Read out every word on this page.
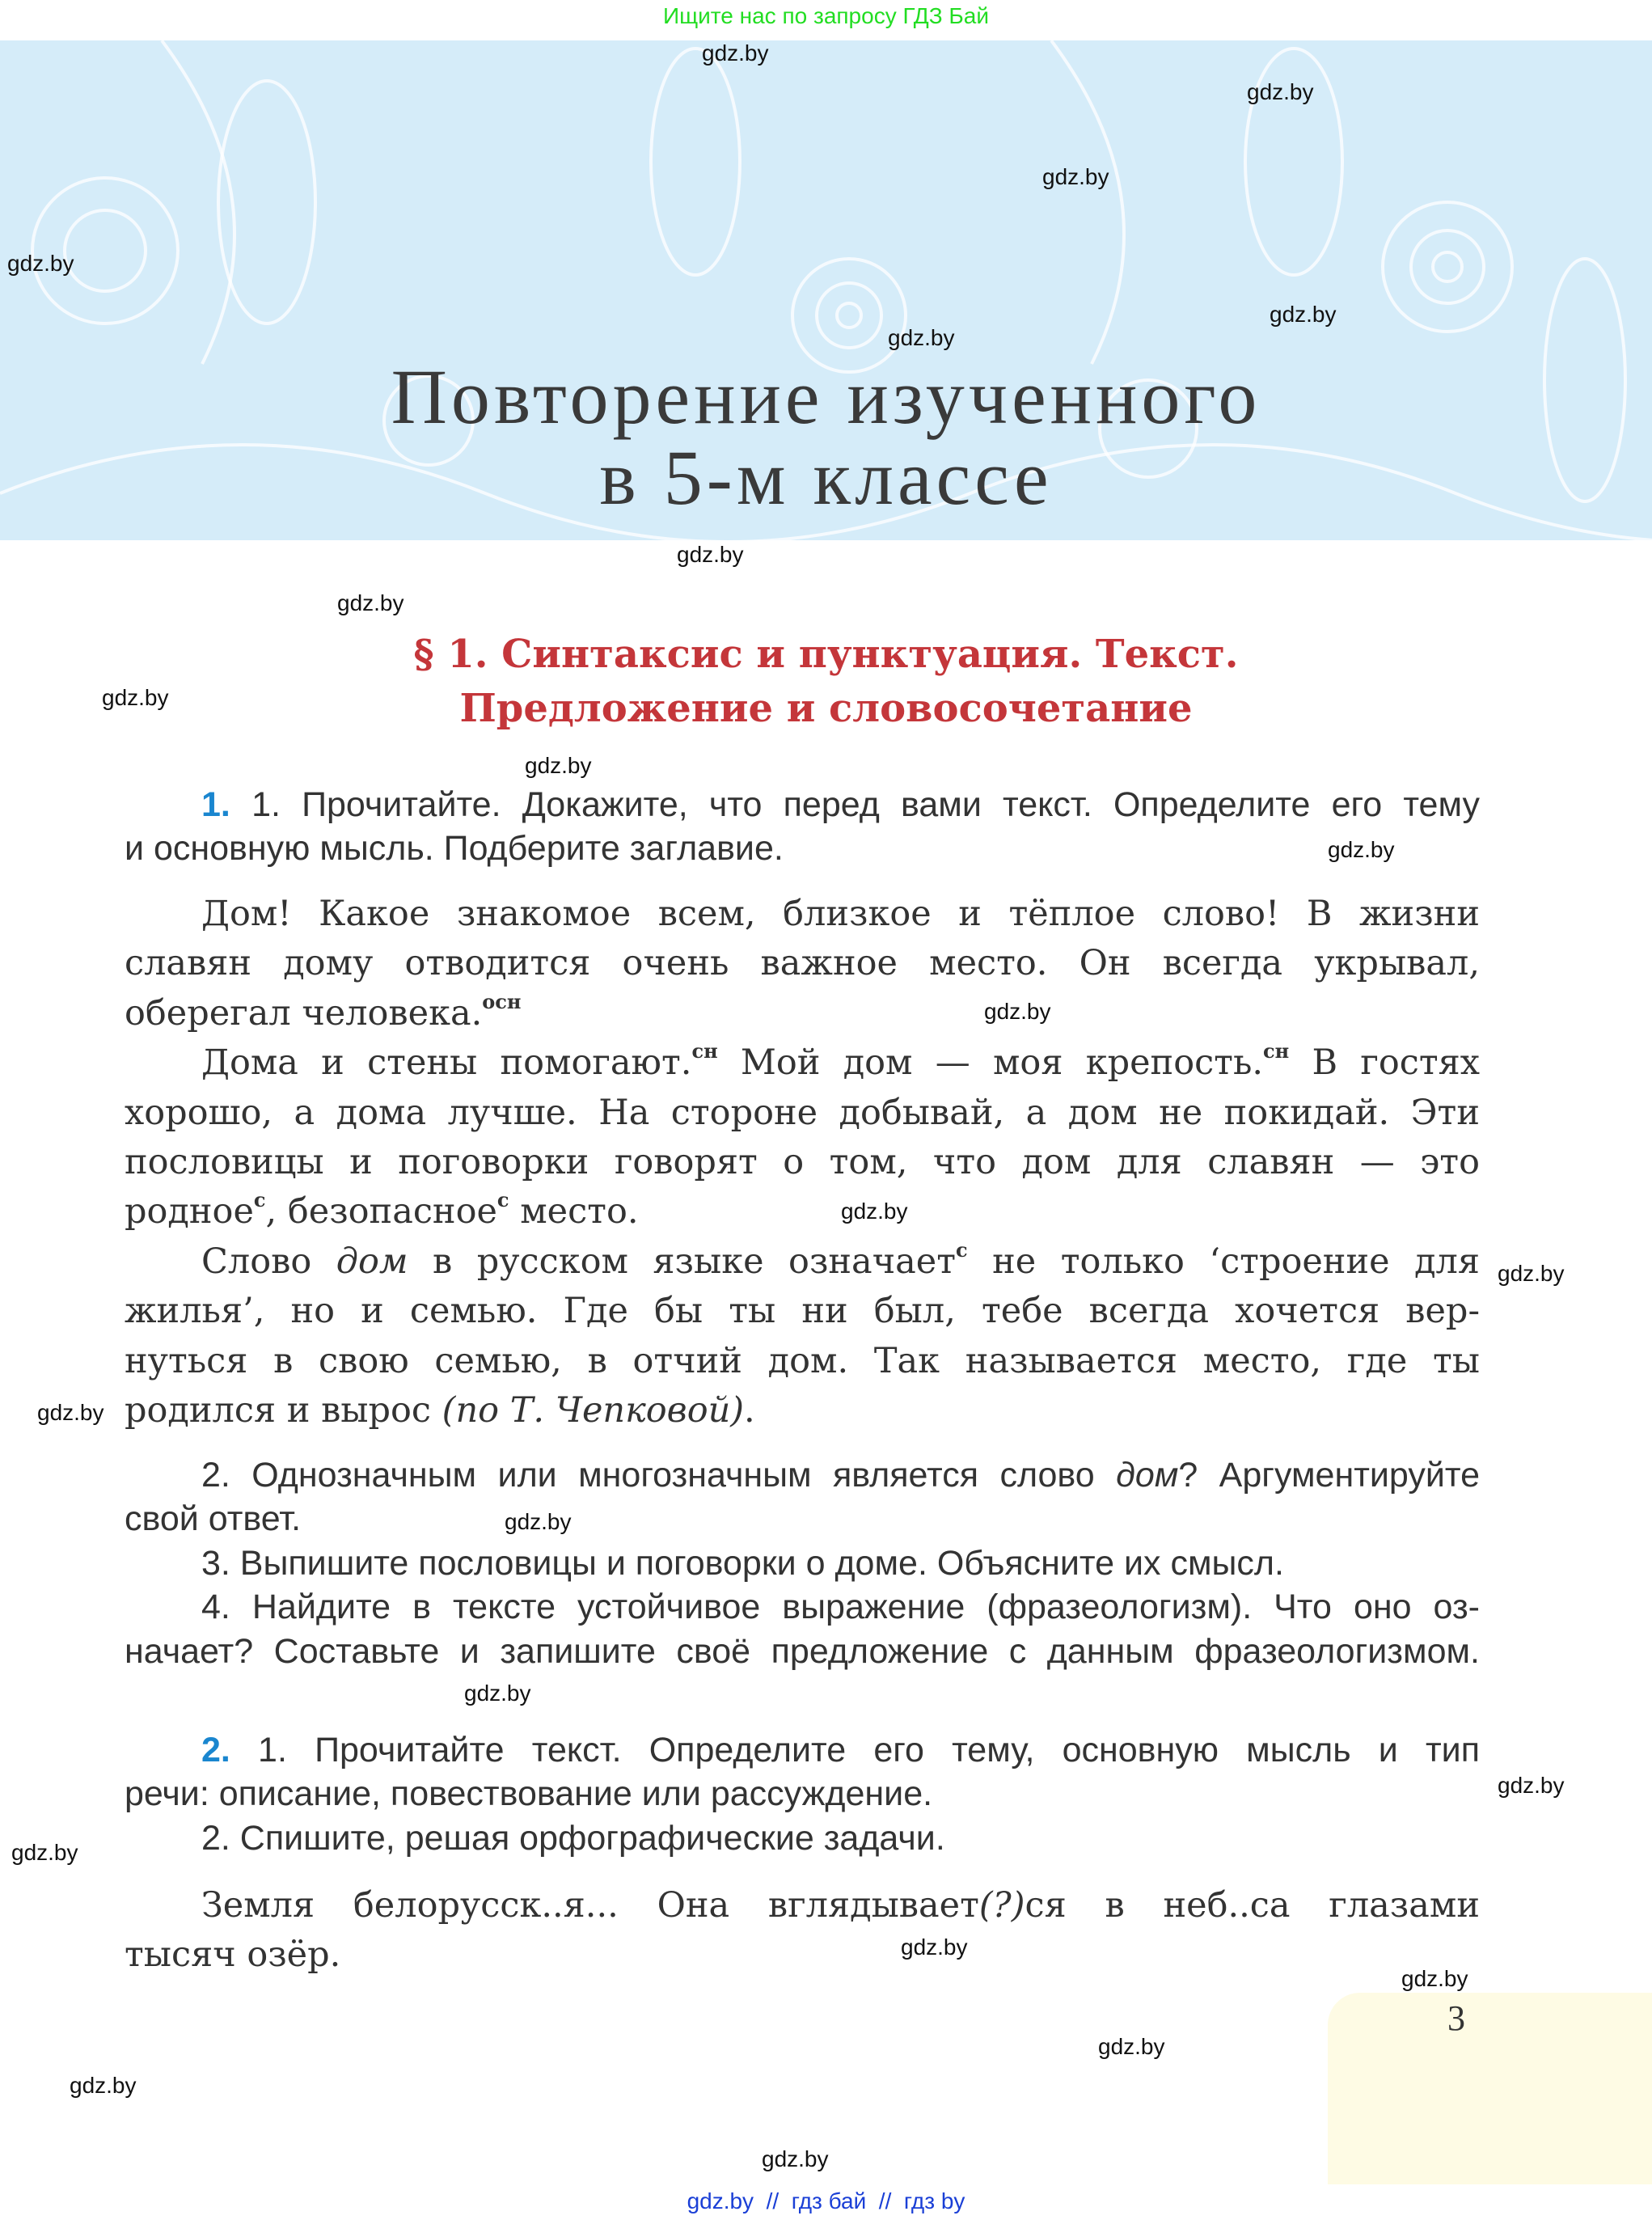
Ищите нас по запросу ГДЗ Бай
Повторение изученного
в 5-м классе
§ 1. Синтаксис и пунктуация. Текст.
Предложение и словосочетание
1. 1. Прочитайте. Докажите, что перед вами текст. Определите его тему
и основную мысль. Подберите заглавие.
Дом! Какое знакомое всем, близкое и тёплое слово! В жизни
славян дому отводится очень важное место. Он всегда укрывал,
оберегал человека.$^{осн}$
Дома и стены помогают.$^{сн}$ Мой дом — моя крепость.$^{сн}$ В гостях
хорошо, а дома лучше. На стороне добывай, а дом не покидай. Эти
пословицы и поговорки говорят о том, что дом для славян — это
родное$^с$, безопасное$^с$ место.
Слово дом в русском языке означает$^с$ не только ‘строение для
жилья’, но и семью. Где бы ты ни был, тебе всегда хочется вер-
нуться в свою семью, в отчий дом. Так называется место, где ты
родился и вырос (по Т. Чепковой).
2. Однозначным или многозначным является слово дом? Аргументируйте
свой ответ.
3. Выпишите пословицы и поговорки о доме. Объясните их смысл.
4. Найдите в тексте устойчивое выражение (фразеологизм). Что оно оз-
начает? Составьте и запишите своё предложение с данным фразеологизмом.
2. 1. Прочитайте текст. Определите его тему, основную мысль и тип
речи: описание, повествование или рассуждение.
2. Спишите, решая орфографические задачи.
Земля белорусск..я... Она вглядывает(?)ся в неб..са глазами
тысяч озёр.
3
gdz.by  //  гдз бай  //  гдз by
gdz.by
gdz.by
gdz.by
gdz.by
gdz.by
gdz.by
gdz.by
gdz.by
gdz.by
gdz.by
gdz.by
gdz.by
gdz.by
gdz.by
gdz.by
gdz.by
gdz.by
gdz.by
gdz.by
gdz.by
gdz.by
gdz.by
gdz.by
gdz.by
